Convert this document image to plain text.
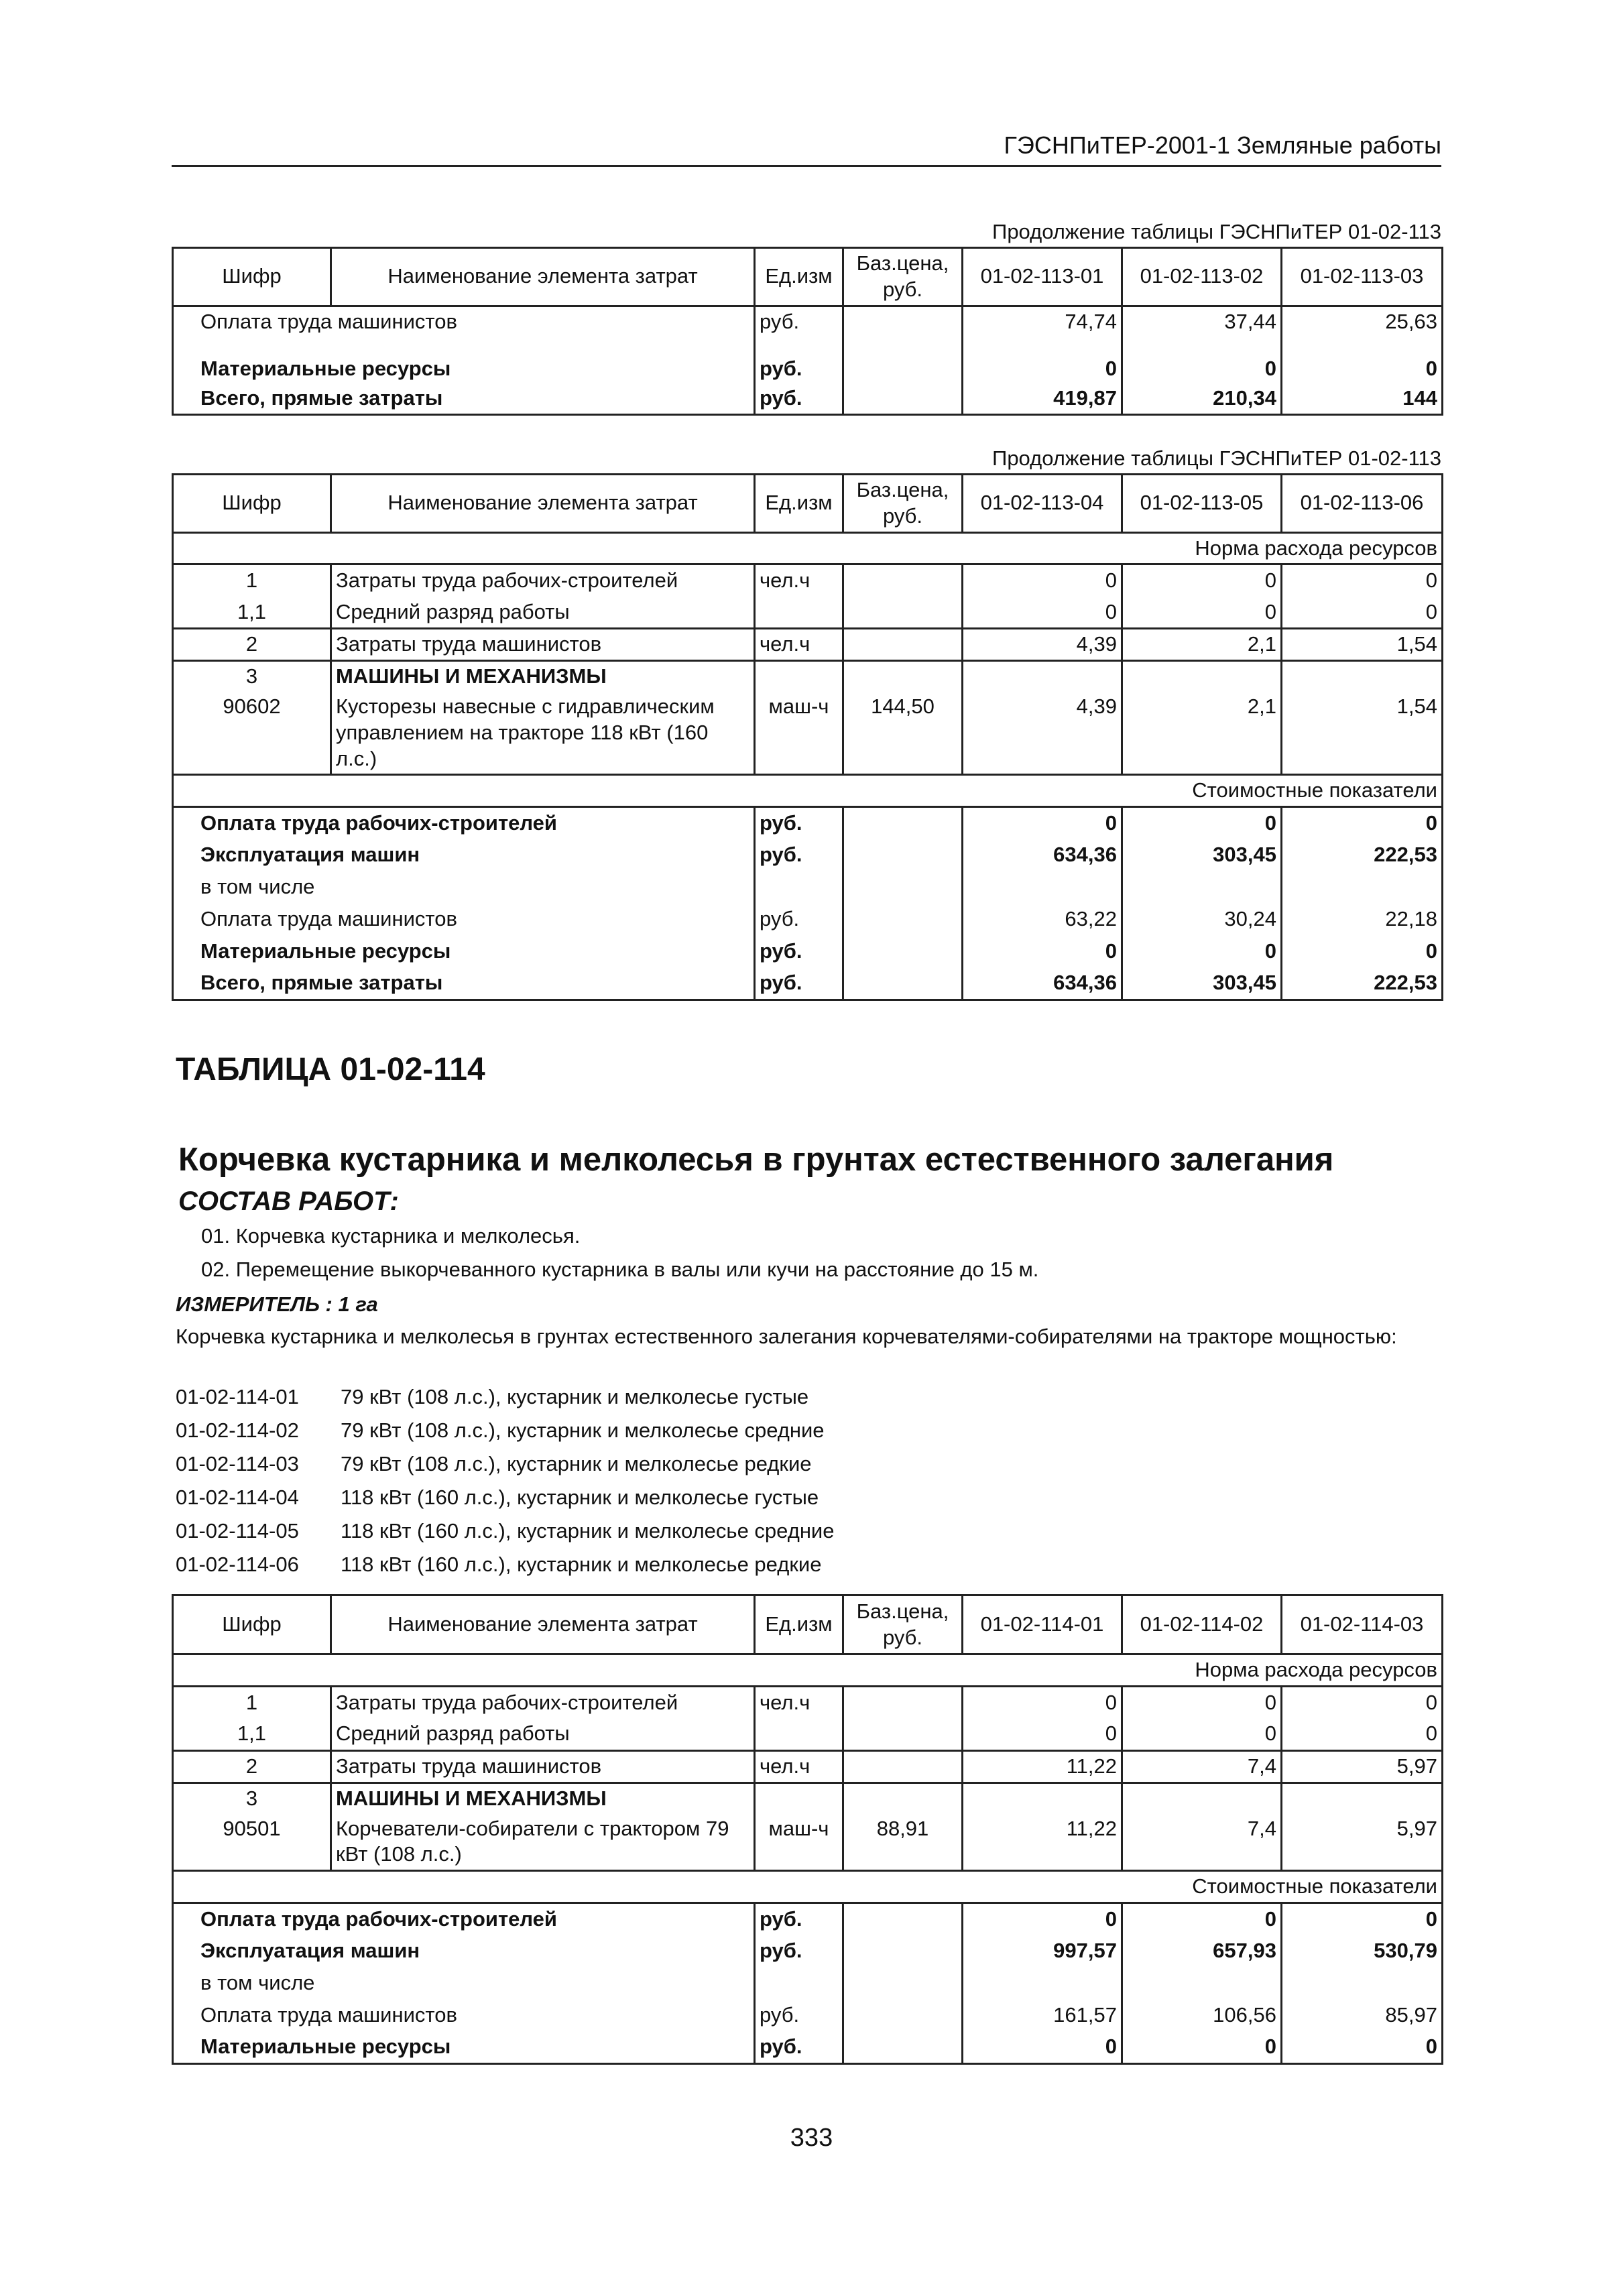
ГЭСНПиТЕР-2001-1 Земляные работы
Продолжение таблицы ГЭСНПиТЕР 01-02-113
Шифр	Наименование элемента затрат	Ед.изм	Баз.цена, руб.	01-02-113-01	01-02-113-02	01-02-113-03
Оплата труда машинистов		руб.		74,74	37,44	25,63
Материальные ресурсы		руб.		0	0	0
Всего, прямые затраты		руб.		419,87	210,34	144
Продолжение таблицы ГЭСНПиТЕР 01-02-113
Шифр	Наименование элемента затрат	Ед.изм	Баз.цена, руб.	01-02-113-04	01-02-113-05	01-02-113-06
Норма расхода ресурсов						
1	Затраты труда рабочих-строителей	чел.ч		0	0	0
1,1	Средний разряд работы			0	0	0
2	Затраты труда машинистов	чел.ч		4,39	2,1	1,54
3	МАШИНЫ И МЕХАНИЗМЫ					
90602	Кусторезы навесные с гидравлическим управлением на тракторе 118 кВт (160 л.с.)	маш-ч	144,50	4,39	2,1	1,54
Стоимостные показатели						
Оплата труда рабочих-строителей		руб.		0	0	0
Эксплуатация машин		руб.		634,36	303,45	222,53
в том числе						
Оплата труда машинистов		руб.		63,22	30,24	22,18
Материальные ресурсы		руб.		0	0	0
Всего, прямые затраты		руб.		634,36	303,45	222,53
ТАБЛИЦА 01-02-114
Корчевка кустарника и мелколесья в грунтах естественного залегания
СОСТАВ РАБОТ:
01. Корчевка кустарника и мелколесья.
02. Перемещение выкорчеванного кустарника в валы или кучи на расстояние до 15 м.
ИЗМЕРИТЕЛЬ : 1 га
Корчевка кустарника и мелколесья в грунтах естественного залегания корчевателями-собирателями на тракторе мощностью:
01-02-114-01 79 кВт (108 л.с.), кустарник и мелколесье густые
01-02-114-02 79 кВт (108 л.с.), кустарник и мелколесье средние
01-02-114-03 79 кВт (108 л.с.), кустарник и мелколесье редкие
01-02-114-04 118 кВт (160 л.с.), кустарник и мелколесье густые
01-02-114-05 118 кВт (160 л.с.), кустарник и мелколесье средние
01-02-114-06 118 кВт (160 л.с.), кустарник и мелколесье редкие
Шифр	Наименование элемента затрат	Ед.изм	Баз.цена, руб.	01-02-114-01	01-02-114-02	01-02-114-03
Норма расхода ресурсов						
1	Затраты труда рабочих-строителей	чел.ч		0	0	0
1,1	Средний разряд работы			0	0	0
2	Затраты труда машинистов	чел.ч		11,22	7,4	5,97
3	МАШИНЫ И МЕХАНИЗМЫ					
90501	Корчеватели-собиратели с трактором 79 кВт (108 л.с.)	маш-ч	88,91	11,22	7,4	5,97
Стоимостные показатели						
Оплата труда рабочих-строителей		руб.		0	0	0
Эксплуатация машин		руб.		997,57	657,93	530,79
в том числе						
Оплата труда машинистов		руб.		161,57	106,56	85,97
Материальные ресурсы		руб.		0	0	0
333
